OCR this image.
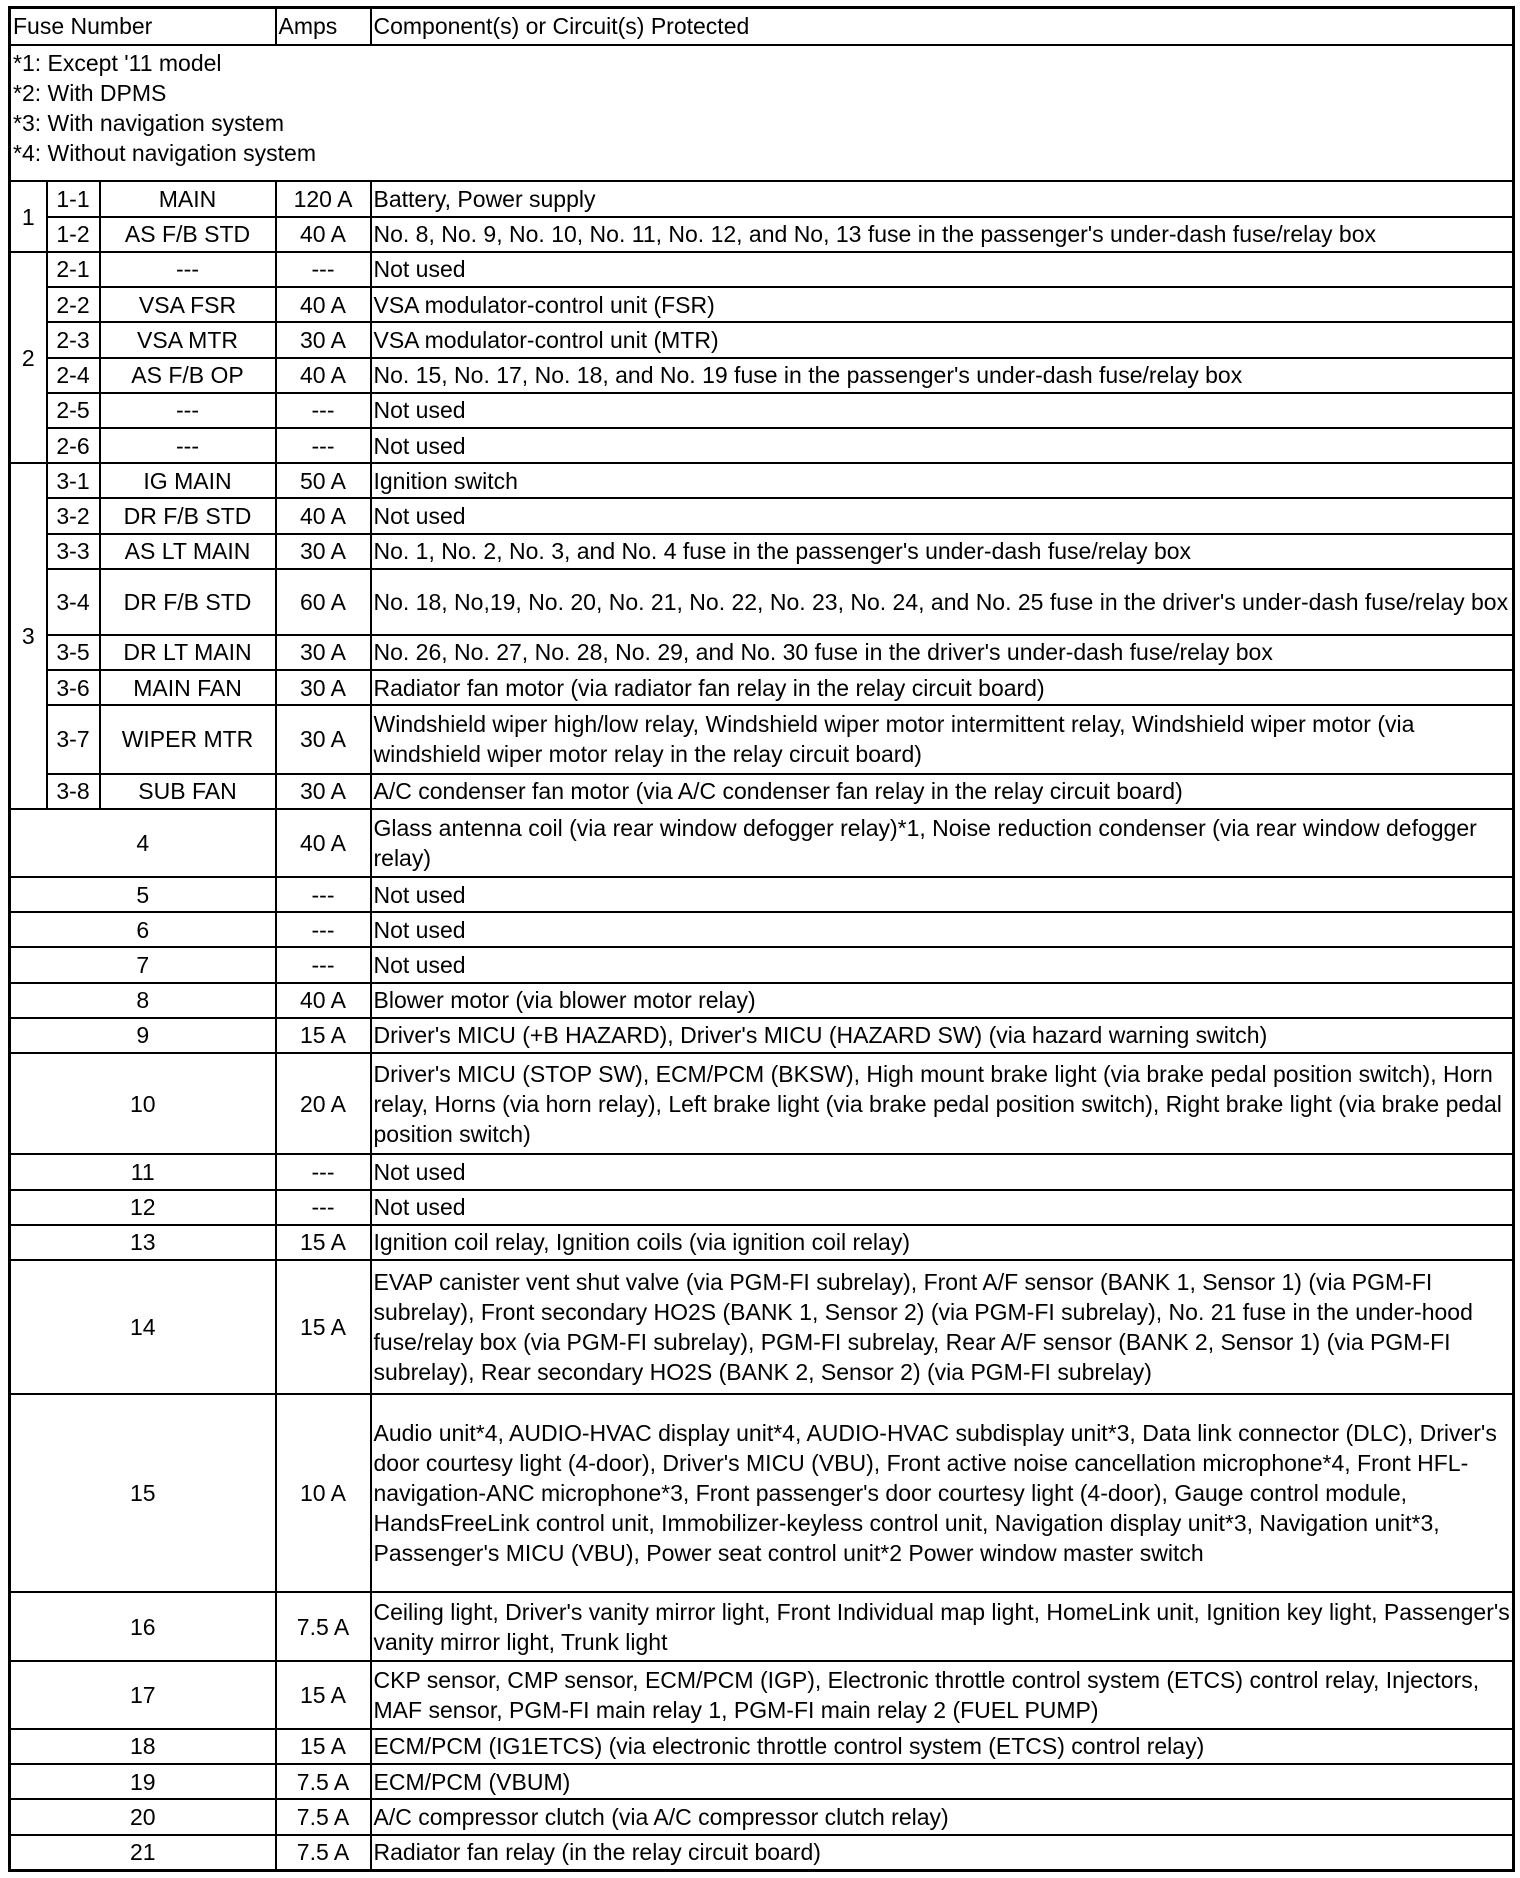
Fuse Number			Amps	Component(s) or Circuit(s) Protected

*1: Except '11 model
*2: With DPMS
*3: With navigation system
*4: Without navigation system				

1	1-1	MAIN	120 A	Battery, Power supply
	1-2	AS F/B STD	40 A	No. 8, No. 9, No. 10, No. 11, No. 12, and No, 13 fuse in the passenger's under-dash fuse/relay box
2	2-1	---	---	Not used
	2-2	VSA FSR	40 A	VSA modulator-control unit (FSR)
	2-3	VSA MTR	30 A	VSA modulator-control unit (MTR)
	2-4	AS F/B OP	40 A	No. 15, No. 17, No. 18, and No. 19 fuse in the passenger's under-dash fuse/relay box
	2-5	---	---	Not used
	2-6	---	---	Not used
3	3-1	IG MAIN	50 A	Ignition switch
	3-2	DR F/B STD	40 A	Not used
	3-3	AS LT MAIN	30 A	No. 1, No. 2, No. 3, and No. 4 fuse in the passenger's under-dash fuse/relay box
	3-4	DR F/B STD	60 A	No. 18, No,19, No. 20, No. 21, No. 22, No. 23, No. 24, and No. 25 fuse in the driver's under-dash fuse/relay box
	3-5	DR LT MAIN	30 A	No. 26, No. 27, No. 28, No. 29, and No. 30 fuse in the driver's under-dash fuse/relay box
	3-6	MAIN FAN	30 A	Radiator fan motor (via radiator fan relay in the relay circuit board)
	3-7	WIPER MTR	30 A	Windshield wiper high/low relay, Windshield wiper motor intermittent relay, Windshield wiper motor (via windshield wiper motor relay in the relay circuit board)
	3-8	SUB FAN	30 A	A/C condenser fan motor (via A/C condenser fan relay in the relay circuit board)
4			40 A	Glass antenna coil (via rear window defogger relay)*1, Noise reduction condenser (via rear window defogger relay)
5			---	Not used
6			---	Not used
7			---	Not used
8			40 A	Blower motor (via blower motor relay)
9			15 A	Driver's MICU (+B HAZARD), Driver's MICU (HAZARD SW) (via hazard warning switch)
10			20 A	Driver's MICU (STOP SW), ECM/PCM (BKSW), High mount brake light (via brake pedal position switch), Horn relay, Horns (via horn relay), Left brake light (via brake pedal position switch), Right brake light (via brake pedal position switch)
11			---	Not used
12			---	Not used
13			15 A	Ignition coil relay, Ignition coils (via ignition coil relay)
14			15 A	EVAP canister vent shut valve (via PGM-FI subrelay), Front A/F sensor (BANK 1, Sensor 1) (via PGM-FI subrelay), Front secondary HO2S (BANK 1, Sensor 2) (via PGM-FI subrelay), No. 21 fuse in the under-hood fuse/relay box (via PGM-FI subrelay), PGM-FI subrelay, Rear A/F sensor (BANK 2, Sensor 1) (via PGM-FI subrelay), Rear secondary HO2S (BANK 2, Sensor 2) (via PGM-FI subrelay)
15			10 A	Audio unit*4, AUDIO-HVAC display unit*4, AUDIO-HVAC subdisplay unit*3, Data link connector (DLC), Driver's door courtesy light (4-door), Driver's MICU (VBU), Front active noise cancellation microphone*4, Front HFL-navigation-ANC microphone*3, Front passenger's door courtesy light (4-door), Gauge control module, HandsFreeLink control unit, Immobilizer-keyless control unit, Navigation display unit*3, Navigation unit*3, Passenger's MICU (VBU), Power seat control unit*2 Power window master switch
16			7.5 A	Ceiling light, Driver's vanity mirror light, Front Individual map light, HomeLink unit, Ignition key light, Passenger's vanity mirror light, Trunk light
17			15 A	CKP sensor, CMP sensor, ECM/PCM (IGP), Electronic throttle control system (ETCS) control relay, Injectors, MAF sensor, PGM-FI main relay 1, PGM-FI main relay 2 (FUEL PUMP)
18			15 A	ECM/PCM (IG1ETCS) (via electronic throttle control system (ETCS) control relay)
19			7.5 A	ECM/PCM (VBUM)
20			7.5 A	A/C compressor clutch (via A/C compressor clutch relay)
21			7.5 A	Radiator fan relay (in the relay circuit board)
